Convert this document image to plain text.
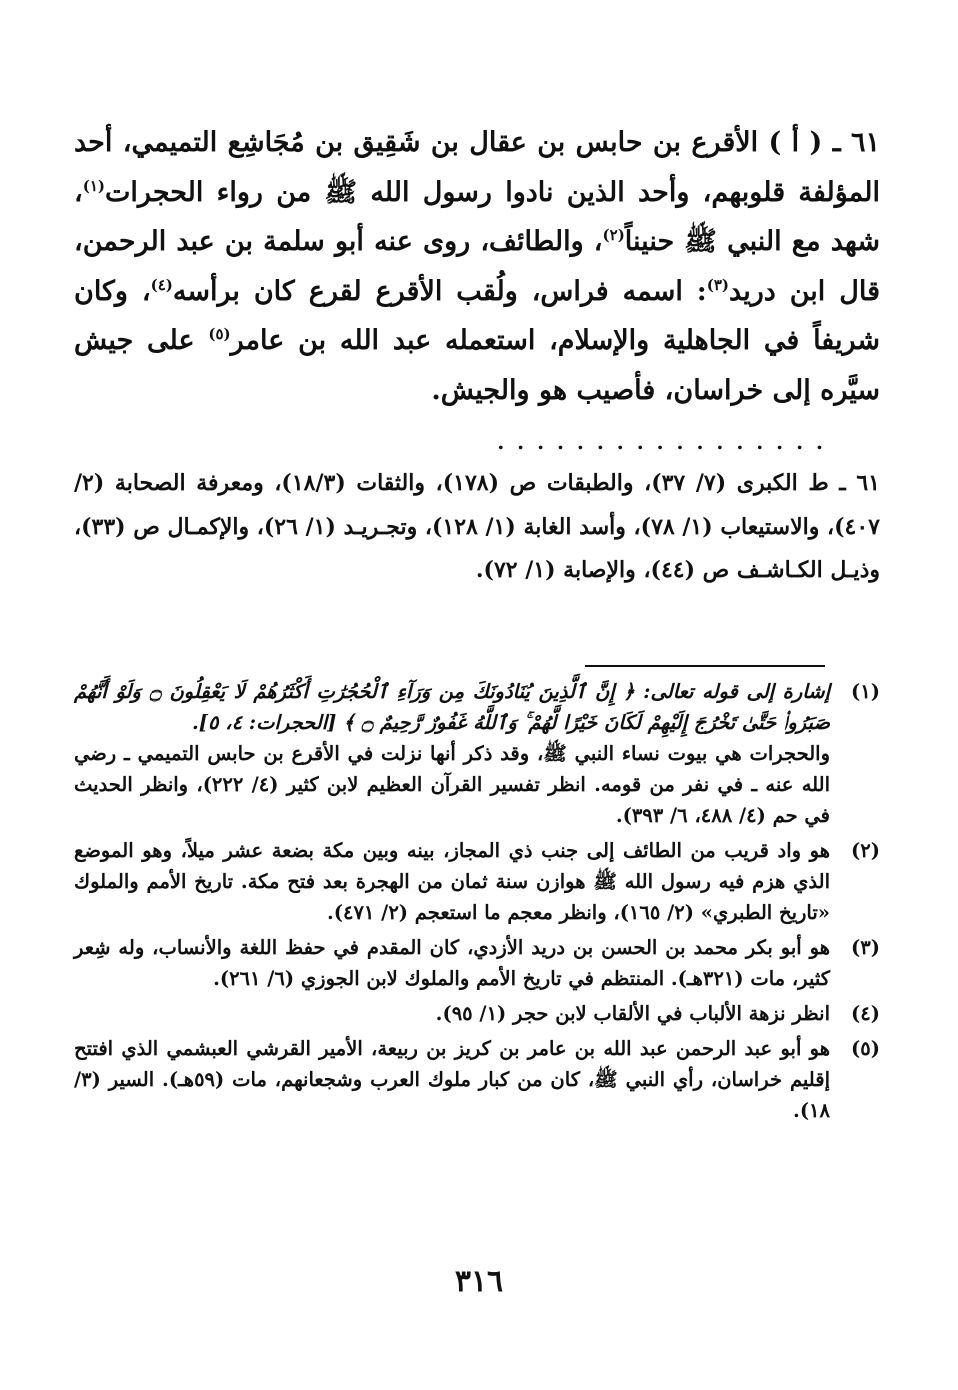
٦١ ـ ( أ ) الأقرع بن حابس بن عقال بن شَقِيق بن مُجَاشِع التميمي، أحد المؤلفة قلوبهم، وأحد الذين نادوا رسول الله ﷺ من رواء الحجرات$^{(١)}$، شهد مع النبي ﷺ حنيناً$^{(٢)}$، والطائف، روى عنه أبو سلمة بن عبد الرحمن، قال ابن دريد$^{(٣)}$: اسمه فراس، ولُقب الأقرع لقرع كان برأسه$^{(٤)}$، وكان شريفاً في الجاهلية والإسلام، استعمله عبد الله بن عامر$^{(٥)}$ على جيش سيَّره إلى خراسان، فأصيب هو والجيش.

. . . . . . . . . . . . . . . . .

٦١ ـ ط الكبرى (٧/ ٣٧)، والطبقات ص (١٧٨)، والثقات (١٨/٣)، ومعرفة الصحابة (٢/ ٤٠٧)، والاستيعاب (١/ ٧٨)، وأسد الغابة (١/ ١٢٨)، وتجـريـد (١/ ٢٦)، والإكمـال ص (٣٣)، وذيـل الكـاشـف ص (٤٤)، والإصابة (١/ ٧٢).

(١)

إشارة إلى قوله تعالى: ﴿ إِنَّ ٱلَّذِينَ يُنَادُونَكَ مِن وَرَآءِ ٱلْحُجُرَٰتِ أَكْثَرُهُمْ لَا يَعْقِلُونَ ۝ وَلَوْ أَنَّهُمْ صَبَرُوا۟ حَتَّىٰ تَخْرُجَ إِلَيْهِمْ لَكَانَ خَيْرًا لَّهُمْ ۚ وَٱللَّهُ غَفُورٌ رَّحِيمٌ ۝ ﴾ [الحجرات: ٤، ٥].

والحجرات هي بيوت نساء النبي ﷺ، وقد ذكر أنها نزلت في الأقرع بن حابس التميمي ـ رضي الله عنه ـ في نفر من قومه. انظر تفسير القرآن العظيم لابن كثير (٤/ ٢٢٢)، وانظر الحديث في حم (٤/ ٤٨٨، ٦/ ٣٩٣).

(٢)

هو واد قريب من الطائف إلى جنب ذي المجاز، بينه وبين مكة بضعة عشر ميلاً، وهو الموضع الذي هزم فيه رسول الله ﷺ هوازن سنة ثمان من الهجرة بعد فتح مكة. تاريخ الأمم والملوك «تاريخ الطبري» (٢/ ١٦٥)، وانظر معجم ما استعجم (٢/ ٤٧١).

(٣)

هو أبو بكر محمد بن الحسن بن دريد الأزدي، كان المقدم في حفظ اللغة والأنساب، وله شِعر كثير، مات (٣٢١هـ). المنتظم في تاريخ الأمم والملوك لابن الجوزي (٦/ ٢٦١).

(٤)

انظر نزهة الألباب في الألقاب لابن حجر (١/ ٩٥).

(٥)

هو أبو عبد الرحمن عبد الله بن عامر بن كريز بن ربيعة، الأمير القرشي العبشمي الذي افتتح إقليم خراسان، رأي النبي ﷺ، كان من كبار ملوك العرب وشجعانهم، مات (٥٩هـ). السير (٣/ ١٨).

٣١٦
